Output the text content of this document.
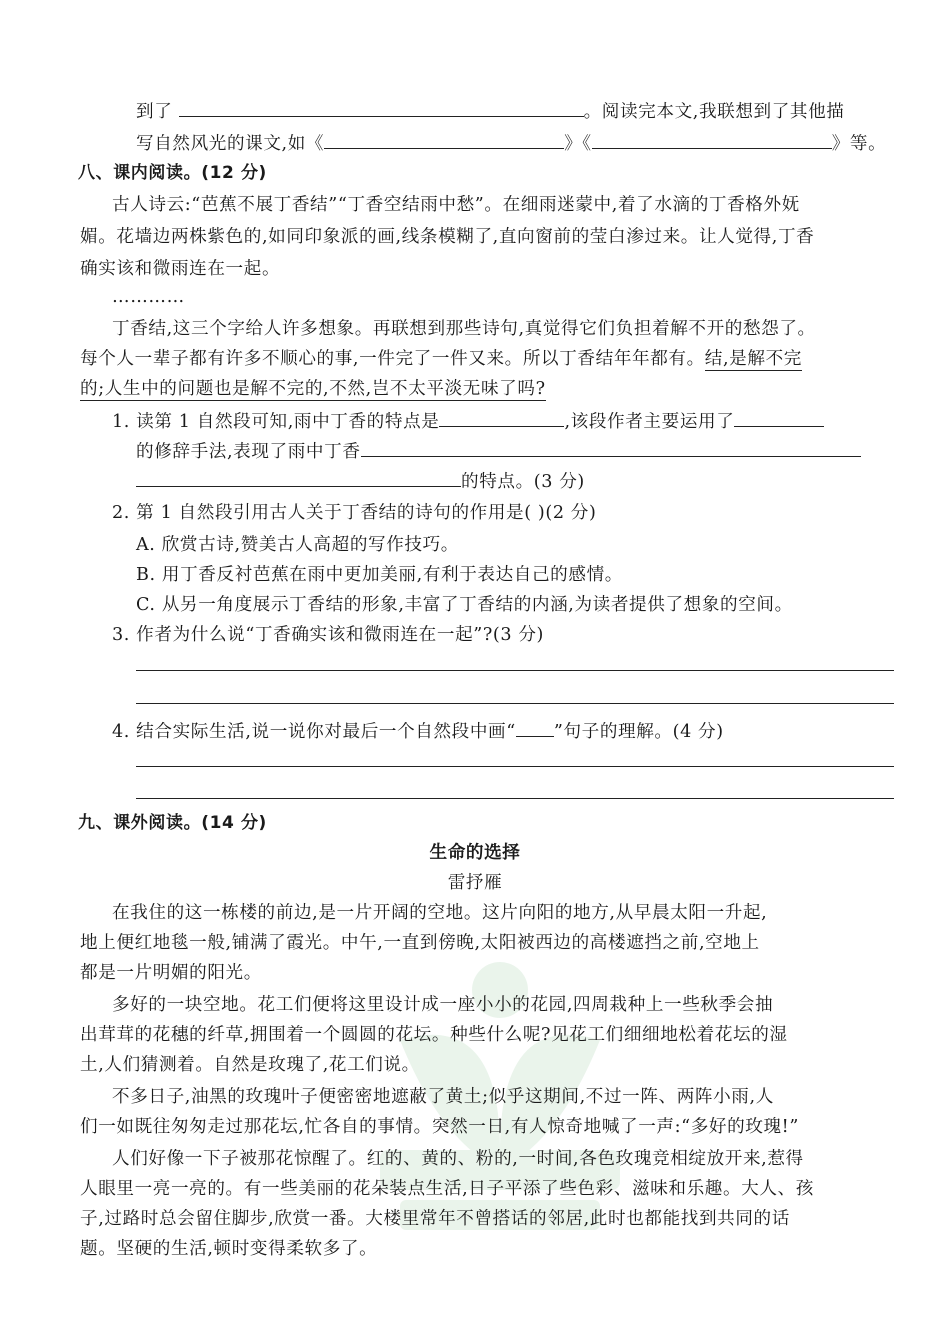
到了	。阅读完本文,我联想到了其他描
写自然风光的课文,如《	》《	》等。
八、课内阅读。(12 分)
古人诗云:“芭蕉不展丁香结”“丁香空结雨中愁”。在细雨迷蒙中,着了水滴的丁香格外妩
媚。花墙边两株紫色的,如同印象派的画,线条模糊了,直向窗前的莹白渗过来。让人觉得,丁香
确实该和微雨连在一起。
…………
丁香结,这三个字给人许多想象。再联想到那些诗句,真觉得它们负担着解不开的愁怨了。
每个人一辈子都有许多不顺心的事,一件完了一件又来。所以丁香结年年都有。结,是解不完
的;人生中的问题也是解不完的,不然,岂不太平淡无味了吗?
1. 读第 1 自然段可知,雨中丁香的特点是	,该段作者主要运用了
的修辞手法,表现了雨中丁香
的特点。(3 分)
2. 第 1 自然段引用古人关于丁香结的诗句的作用是( )(2 分)
A. 欣赏古诗,赞美古人高超的写作技巧。
B. 用丁香反衬芭蕉在雨中更加美丽,有利于表达自己的感情。
C. 从另一角度展示丁香结的形象,丰富了丁香结的内涵,为读者提供了想象的空间。
3. 作者为什么说“丁香确实该和微雨连在一起”?(3 分)
4. 结合实际生活,说一说你对最后一个自然段中画“ ”句子的理解。(4 分)
九、课外阅读。(14 分)
生命的选择
雷抒雁
在我住的这一栋楼的前边,是一片开阔的空地。这片向阳的地方,从早晨太阳一升起,
地上便红地毯一般,铺满了霞光。中午,一直到傍晚,太阳被西边的高楼遮挡之前,空地上
都是一片明媚的阳光。
多好的一块空地。花工们便将这里设计成一座小小的花园,四周栽种上一些秋季会抽
出茸茸的花穗的纤草,拥围着一个圆圆的花坛。种些什么呢?见花工们细细地松着花坛的湿
土,人们猜测着。自然是玫瑰了,花工们说。
不多日子,油黑的玫瑰叶子便密密地遮蔽了黄土;似乎这期间,不过一阵、两阵小雨,人
们一如既往匆匆走过那花坛,忙各自的事情。突然一日,有人惊奇地喊了一声:“多好的玫瑰!”
人们好像一下子被那花惊醒了。红的、黄的、粉的,一时间,各色玫瑰竞相绽放开来,惹得
人眼里一亮一亮的。有一些美丽的花朵装点生活,日子平添了些色彩、滋味和乐趣。大人、孩
子,过路时总会留住脚步,欣赏一番。大楼里常年不曾搭话的邻居,此时也都能找到共同的话
题。坚硬的生活,顿时变得柔软多了。
